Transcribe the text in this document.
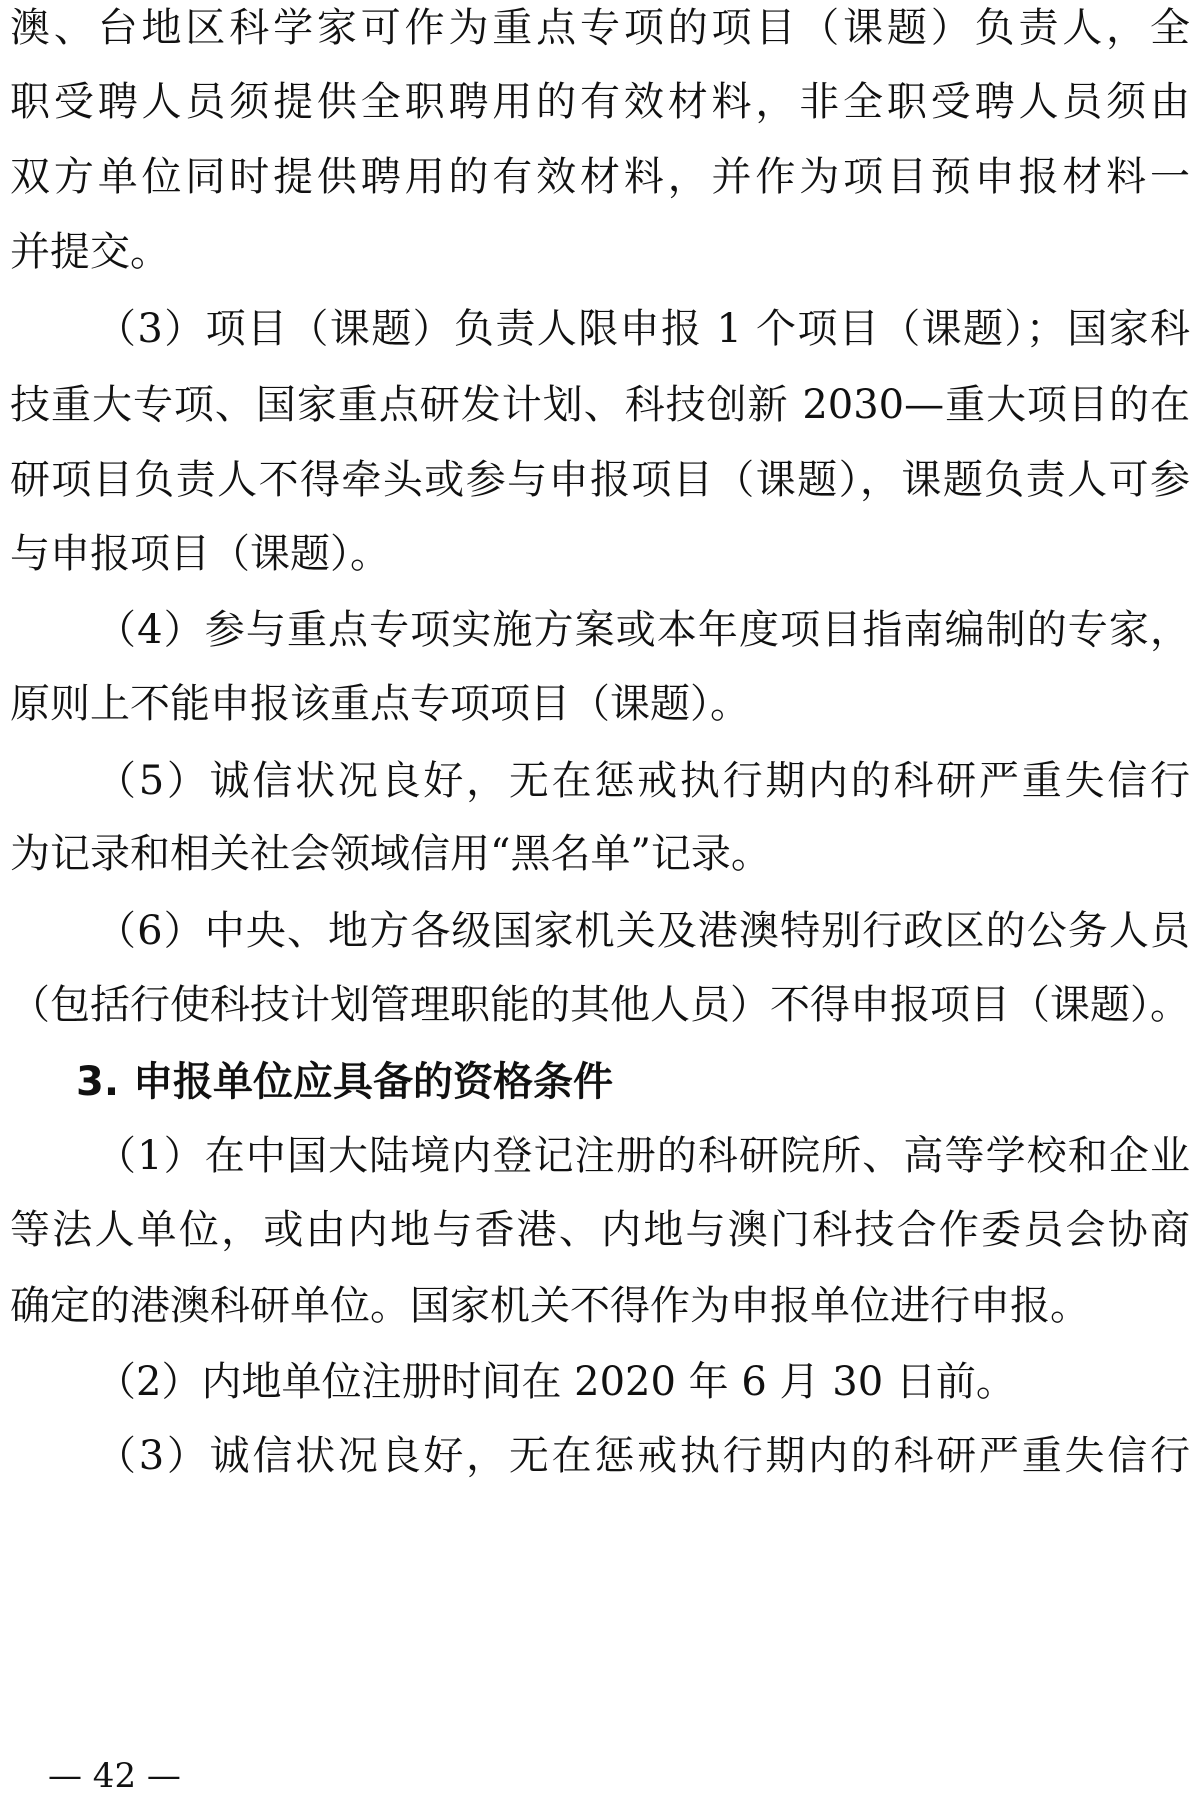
澳、台地区科学家可作为重点专项的项目（课题）负责人，全
职受聘人员须提供全职聘用的有效材料，非全职受聘人员须由
双方单位同时提供聘用的有效材料，并作为项目预申报材料一
并提交。
（3）项目（课题）负责人限申报 1 个项目（课题）；国家科
技重大专项、国家重点研发计划、科技创新 2030—重大项目的在
研项目负责人不得牵头或参与申报项目（课题），课题负责人可参
与申报项目（课题）。
（4）参与重点专项实施方案或本年度项目指南编制的专家，
原则上不能申报该重点专项项目（课题）。
（5）诚信状况良好，无在惩戒执行期内的科研严重失信行
为记录和相关社会领域信用“黑名单”记录。
（6）中央、地方各级国家机关及港澳特别行政区的公务人员
（包括行使科技计划管理职能的其他人员）不得申报项目（课题）。
3. 申报单位应具备的资格条件
（1）在中国大陆境内登记注册的科研院所、高等学校和企业
等法人单位，或由内地与香港、内地与澳门科技合作委员会协商
确定的港澳科研单位。国家机关不得作为申报单位进行申报。
（2）内地单位注册时间在 2020 年 6 月 30 日前。
（3）诚信状况良好，无在惩戒执行期内的科研严重失信行
— 42 —
